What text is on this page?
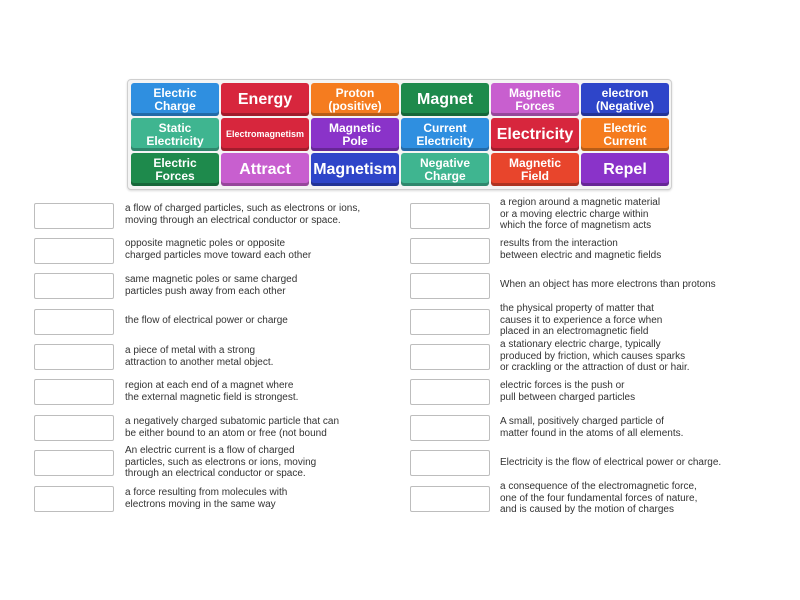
Electric
Charge	Energy	Proton
(positive)	Magnet	Magnetic
Forces
electron
(Negative)
Static
Electricity	Electromagnetism	Magnetic
Pole
Current
Electricity	Electricity	Electric
Current
Electric
Forces	Attract	Magnetism	Negative
Charge
Magnetic
Field	Repel
a flow of charged particles, such as electrons or ions,
moving through an electrical conductor or space.
opposite magnetic poles or opposite
charged particles move toward each other
same magnetic poles or same charged
particles push away from each other
the flow of electrical power or charge
a piece of metal with a strong
attraction to another metal object.
region at each end of a magnet where
the external magnetic field is strongest.
a negatively charged subatomic particle that can
be either bound to an atom or free (not bound
An electric current is a flow of charged
particles, such as electrons or ions, moving
through an electrical conductor or space.
a force resulting from molecules with
electrons moving in the same way
a region around a magnetic material
or a moving electric charge within
which the force of magnetism acts
results from the interaction
between electric and magnetic fields
When an object has more electrons than protons
the physical property of matter that
causes it to experience a force when
placed in an electromagnetic field
a stationary electric charge, typically
produced by friction, which causes sparks
or crackling or the attraction of dust or hair.
electric forces is the push or
pull between charged particles
A small, positively charged particle of
matter found in the atoms of all elements.
Electricity is the flow of electrical power or charge.
a consequence of the electromagnetic force,
one of the four fundamental forces of nature,
and is caused by the motion of charges
